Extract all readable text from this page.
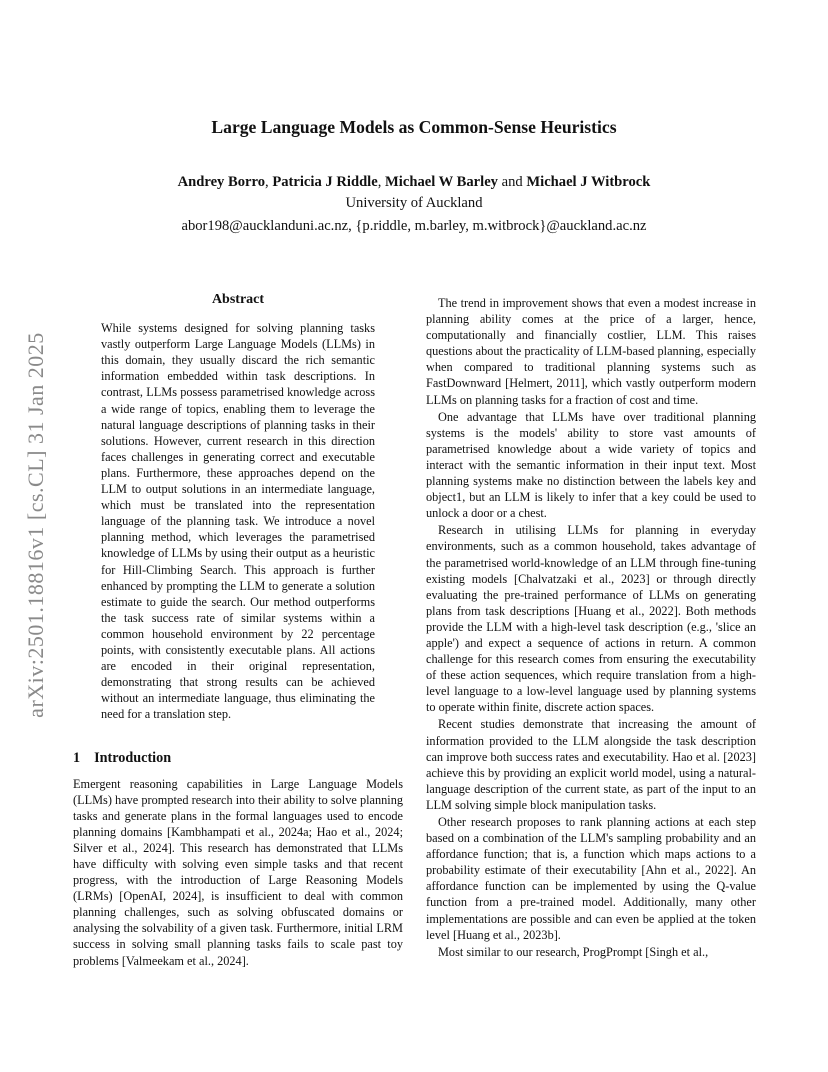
arXiv:2501.18816v1 [cs.CL] 31 Jan 2025
Large Language Models as Common-Sense Heuristics
Andrey Borro, Patricia J Riddle, Michael W Barley and Michael J Witbrock
University of Auckland
abor198@aucklanduni.ac.nz, {p.riddle, m.barley, m.witbrock}@auckland.ac.nz
Abstract
While systems designed for solving planning tasks vastly outperform Large Language Models (LLMs) in this domain, they usually discard the rich semantic information embedded within task descriptions. In contrast, LLMs possess parametrised knowledge across a wide range of topics, enabling them to leverage the natural language descriptions of planning tasks in their solutions. However, current research in this direction faces challenges in generating correct and executable plans. Furthermore, these approaches depend on the LLM to output solutions in an intermediate language, which must be translated into the representation language of the planning task. We introduce a novel planning method, which leverages the parametrised knowledge of LLMs by using their output as a heuristic for Hill-Climbing Search. This approach is further enhanced by prompting the LLM to generate a solution estimate to guide the search. Our method outperforms the task success rate of similar systems within a common household environment by 22 percentage points, with consistently executable plans. All actions are encoded in their original representation, demonstrating that strong results can be achieved without an intermediate language, thus eliminating the need for a translation step.
1 Introduction
Emergent reasoning capabilities in Large Language Models (LLMs) have prompted research into their ability to solve planning tasks and generate plans in the formal languages used to encode planning domains [Kambhampati et al., 2024a; Hao et al., 2024; Silver et al., 2024]. This research has demonstrated that LLMs have difficulty with solving even simple tasks and that recent progress, with the introduction of Large Reasoning Models (LRMs) [OpenAI, 2024], is insufficient to deal with common planning challenges, such as solving obfuscated domains or analysing the solvability of a given task. Furthermore, initial LRM success in solving small planning tasks fails to scale past toy problems [Valmeekam et al., 2024].
The trend in improvement shows that even a modest increase in planning ability comes at the price of a larger, hence, computationally and financially costlier, LLM. This raises questions about the practicality of LLM-based planning, especially when compared to traditional planning systems such as FastDownward [Helmert, 2011], which vastly outperform modern LLMs on planning tasks for a fraction of cost and time.
One advantage that LLMs have over traditional planning systems is the models' ability to store vast amounts of parametrised knowledge about a wide variety of topics and interact with the semantic information in their input text. Most planning systems make no distinction between the labels key and object1, but an LLM is likely to infer that a key could be used to unlock a door or a chest.
Research in utilising LLMs for planning in everyday environments, such as a common household, takes advantage of the parametrised world-knowledge of an LLM through fine-tuning existing models [Chalvatzaki et al., 2023] or through directly evaluating the pre-trained performance of LLMs on generating plans from task descriptions [Huang et al., 2022]. Both methods provide the LLM with a high-level task description (e.g., 'slice an apple') and expect a sequence of actions in return. A common challenge for this research comes from ensuring the executability of these action sequences, which require translation from a high-level language to a low-level language used by planning systems to operate within finite, discrete action spaces.
Recent studies demonstrate that increasing the amount of information provided to the LLM alongside the task description can improve both success rates and executability. Hao et al. [2023] achieve this by providing an explicit world model, using a natural-language description of the current state, as part of the input to an LLM solving simple block manipulation tasks.
Other research proposes to rank planning actions at each step based on a combination of the LLM's sampling probability and an affordance function; that is, a function which maps actions to a probability estimate of their executability [Ahn et al., 2022]. An affordance function can be implemented by using the Q-value function from a pre-trained model. Additionally, many other implementations are possible and can even be applied at the token level [Huang et al., 2023b].
Most similar to our research, ProgPrompt [Singh et al.,
